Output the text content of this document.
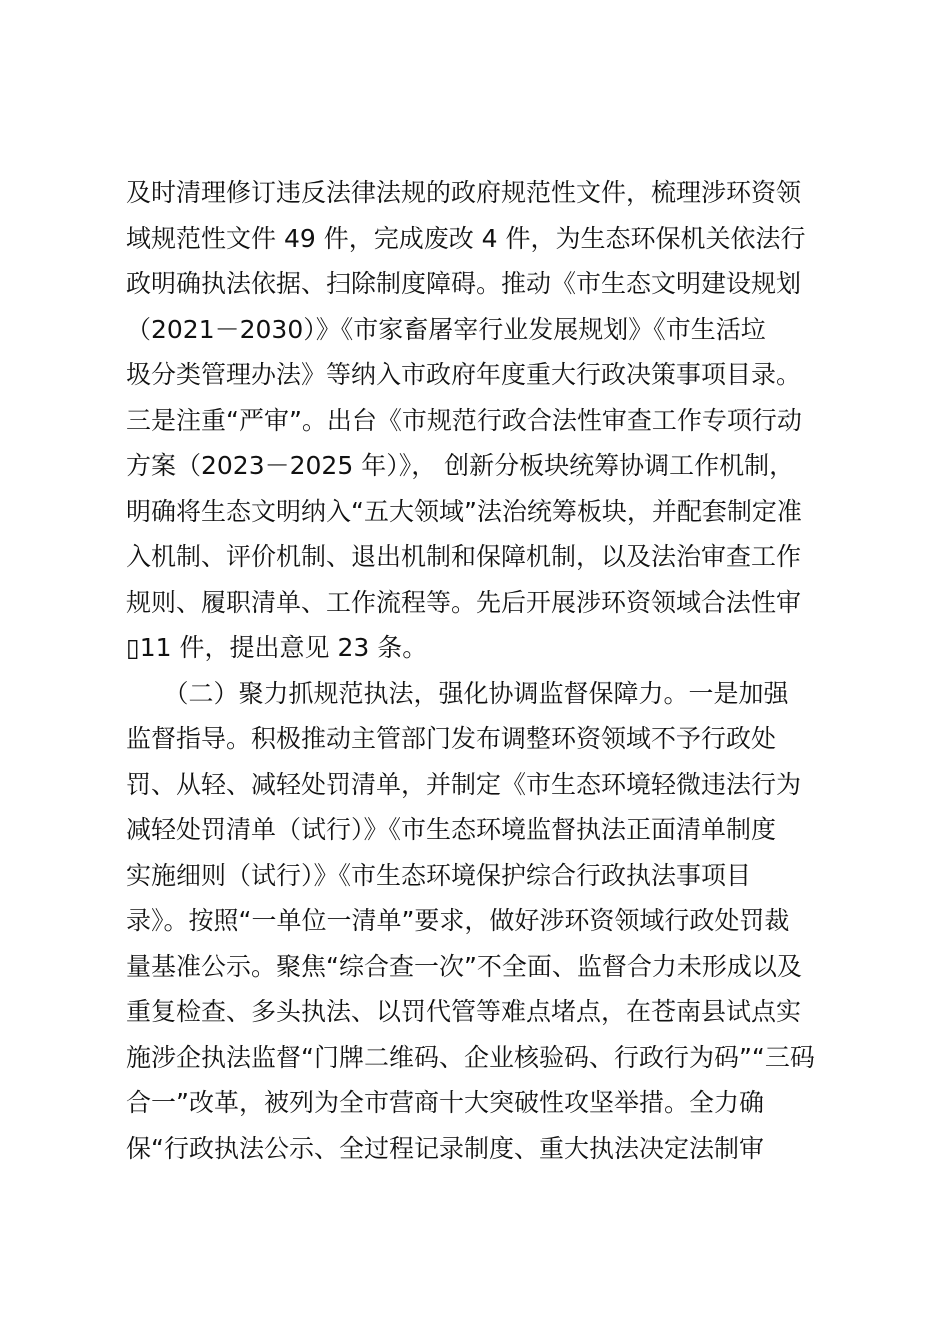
及时清理修订违反法律法规的政府规范性文件，梳理涉环资领
域规范性文件 49 件，完成废改 4 件，为生态环保机关依法行
政明确执法依据、扫除制度障碍。推动《市生态文明建设规划
（2021－2030）》《市家畜屠宰行业发展规划》《市生活垃
圾分类管理办法》等纳入市政府年度重大行政决策事项目录。
三是注重“严审”。出台《市规范行政合法性审查工作专项行动
方案（2023－2025 年）》， 创新分板块统筹协调工作机制，
明确将生态文明纳入“五大领域”法治统筹板块，并配套制定准
入机制、评价机制、退出机制和保障机制，以及法治审查工作
规则、履职清单、工作流程等。先后开展涉环资领域合法性审
▯11 件，提出意见 23 条。
　　（二）聚力抓规范执法，强化协调监督保障力。一是加强
监督指导。积极推动主管部门发布调整环资领域不予行政处
罚、从轻、减轻处罚清单，并制定《市生态环境轻微违法行为
减轻处罚清单（试行）》《市生态环境监督执法正面清单制度
实施细则（试行）》《市生态环境保护综合行政执法事项目
录》。按照“一单位一清单”要求，做好涉环资领域行政处罚裁
量基准公示。聚焦“综合查一次”不全面、监督合力未形成以及
重复检查、多头执法、以罚代管等难点堵点，在苍南县试点实
施涉企执法监督“门牌二维码、企业核验码、行政行为码”“三码
合一”改革，被列为全市营商十大突破性攻坚举措。全力确
保“行政执法公示、全过程记录制度、重大执法决定法制审
